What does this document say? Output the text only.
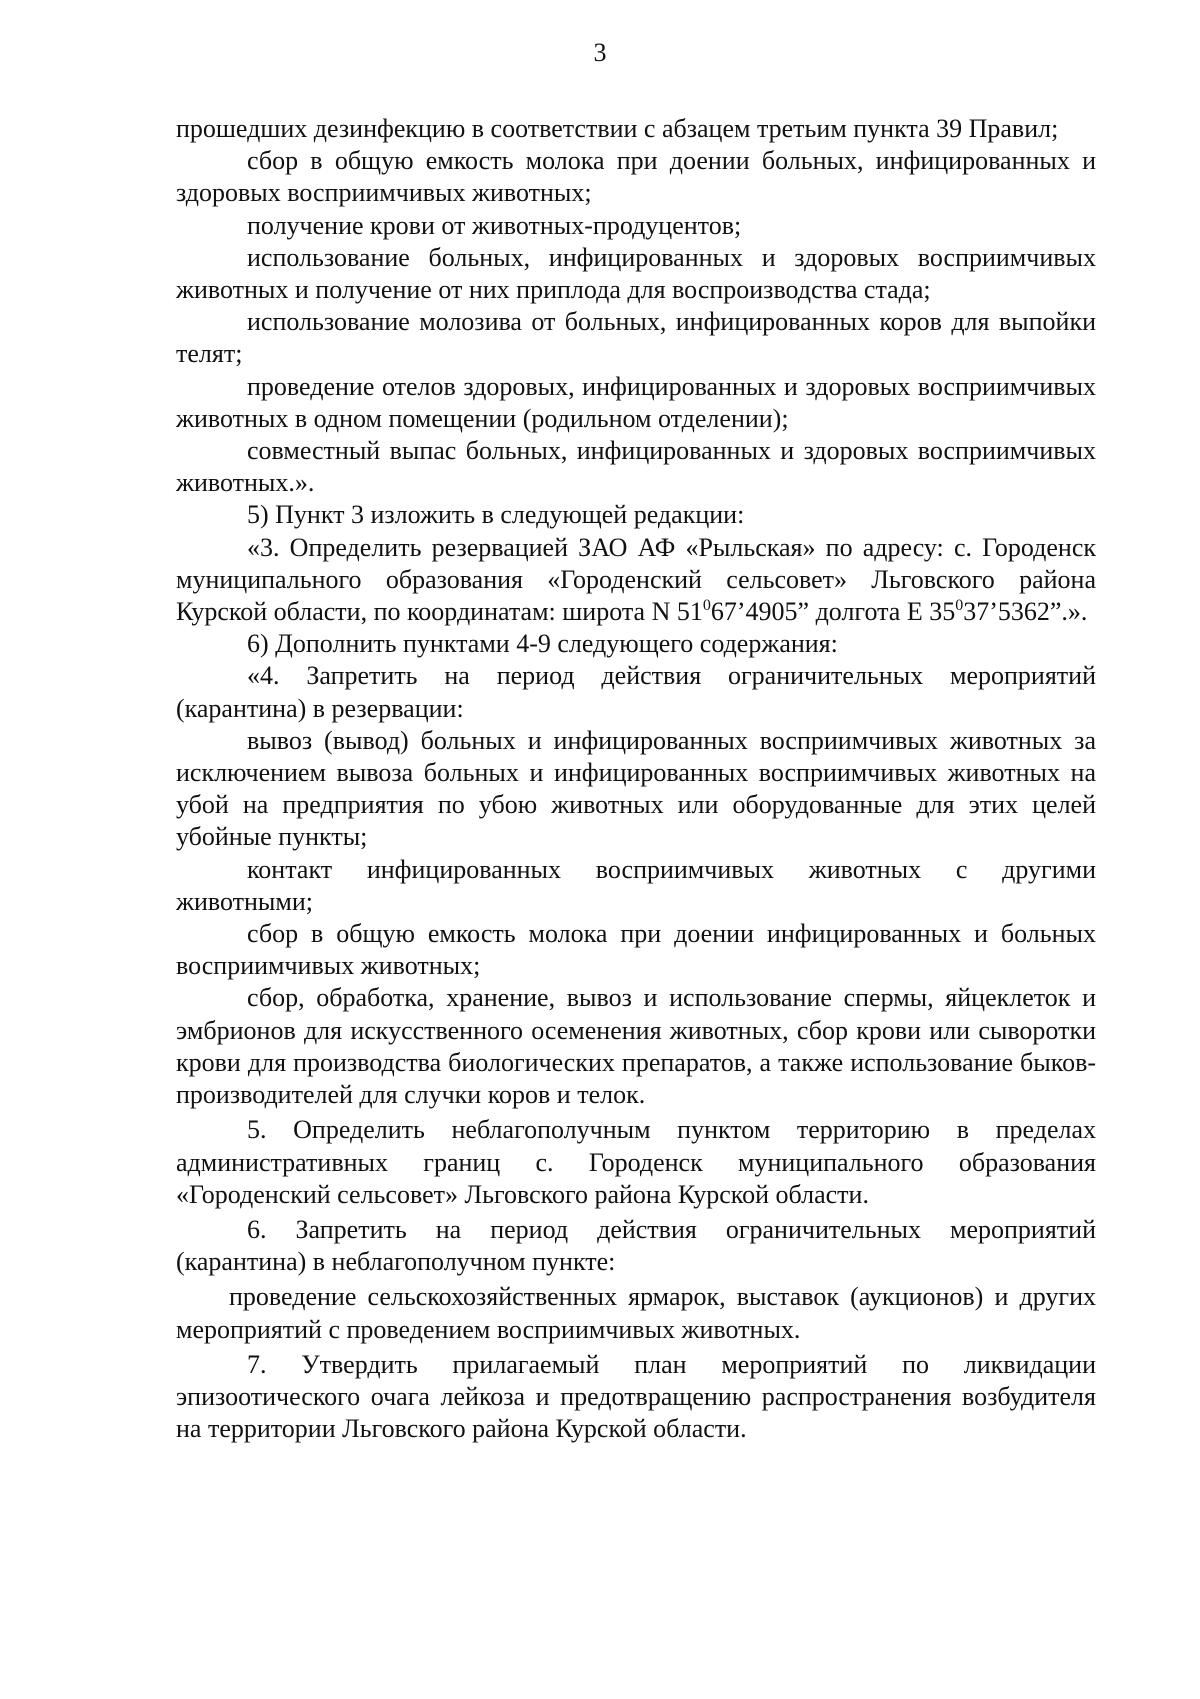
3

прошедших дезинфекцию в соответствии с абзацем третьим пункта 39 Правил;

сбор в общую емкость молока при доении больных, инфицированных и здоровых восприимчивых животных;

получение крови от животных-продуцентов;

использование больных, инфицированных и здоровых восприимчивых животных и получение от них приплода для воспроизводства стада;

использование молозива от больных, инфицированных коров для выпойки телят;

проведение отелов здоровых, инфицированных и здоровых восприимчивых животных в одном помещении (родильном отделении);

совместный выпас больных, инфицированных и здоровых восприимчивых животных.».

5) Пункт 3 изложить в следующей редакции:

«3. Определить резервацией ЗАО АФ «Рыльская» по адресу: с. Городенск муниципального образования «Городенский сельсовет» Льговского района Курской области, по координатам: широта N $51^067’4905$” долгота E $35^037’5362$”.».

6) Дополнить пунктами 4-9 следующего содержания:

«4. Запретить на период действия ограничительных мероприятий (карантина) в резервации:

вывоз (вывод) больных и инфицированных восприимчивых животных за исключением вывоза больных и инфицированных восприимчивых животных на убой на предприятия по убою животных или оборудованные для этих целей убойные пункты;

контакт инфицированных восприимчивых животных с другими животными;

сбор в общую емкость молока при доении инфицированных и больных восприимчивых животных;

сбор, обработка, хранение, вывоз и использование спермы, яйцеклеток и эмбрионов для искусственного осеменения животных, сбор крови или сыворотки крови для производства биологических препаратов, а также использование быков-производителей для случки коров и телок.

5. Определить неблагополучным пунктом территорию в пределах административных границ с. Городенск муниципального образования «Городенский сельсовет» Льговского района Курской области.

6. Запретить на период действия ограничительных мероприятий (карантина) в неблагополучном пункте:

проведение сельскохозяйственных ярмарок, выставок (аукционов) и других мероприятий с проведением восприимчивых животных.

7. Утвердить прилагаемый план мероприятий по ликвидации эпизоотического очага лейкоза и предотвращению распространения возбудителя на территории Льговского района Курской области.
